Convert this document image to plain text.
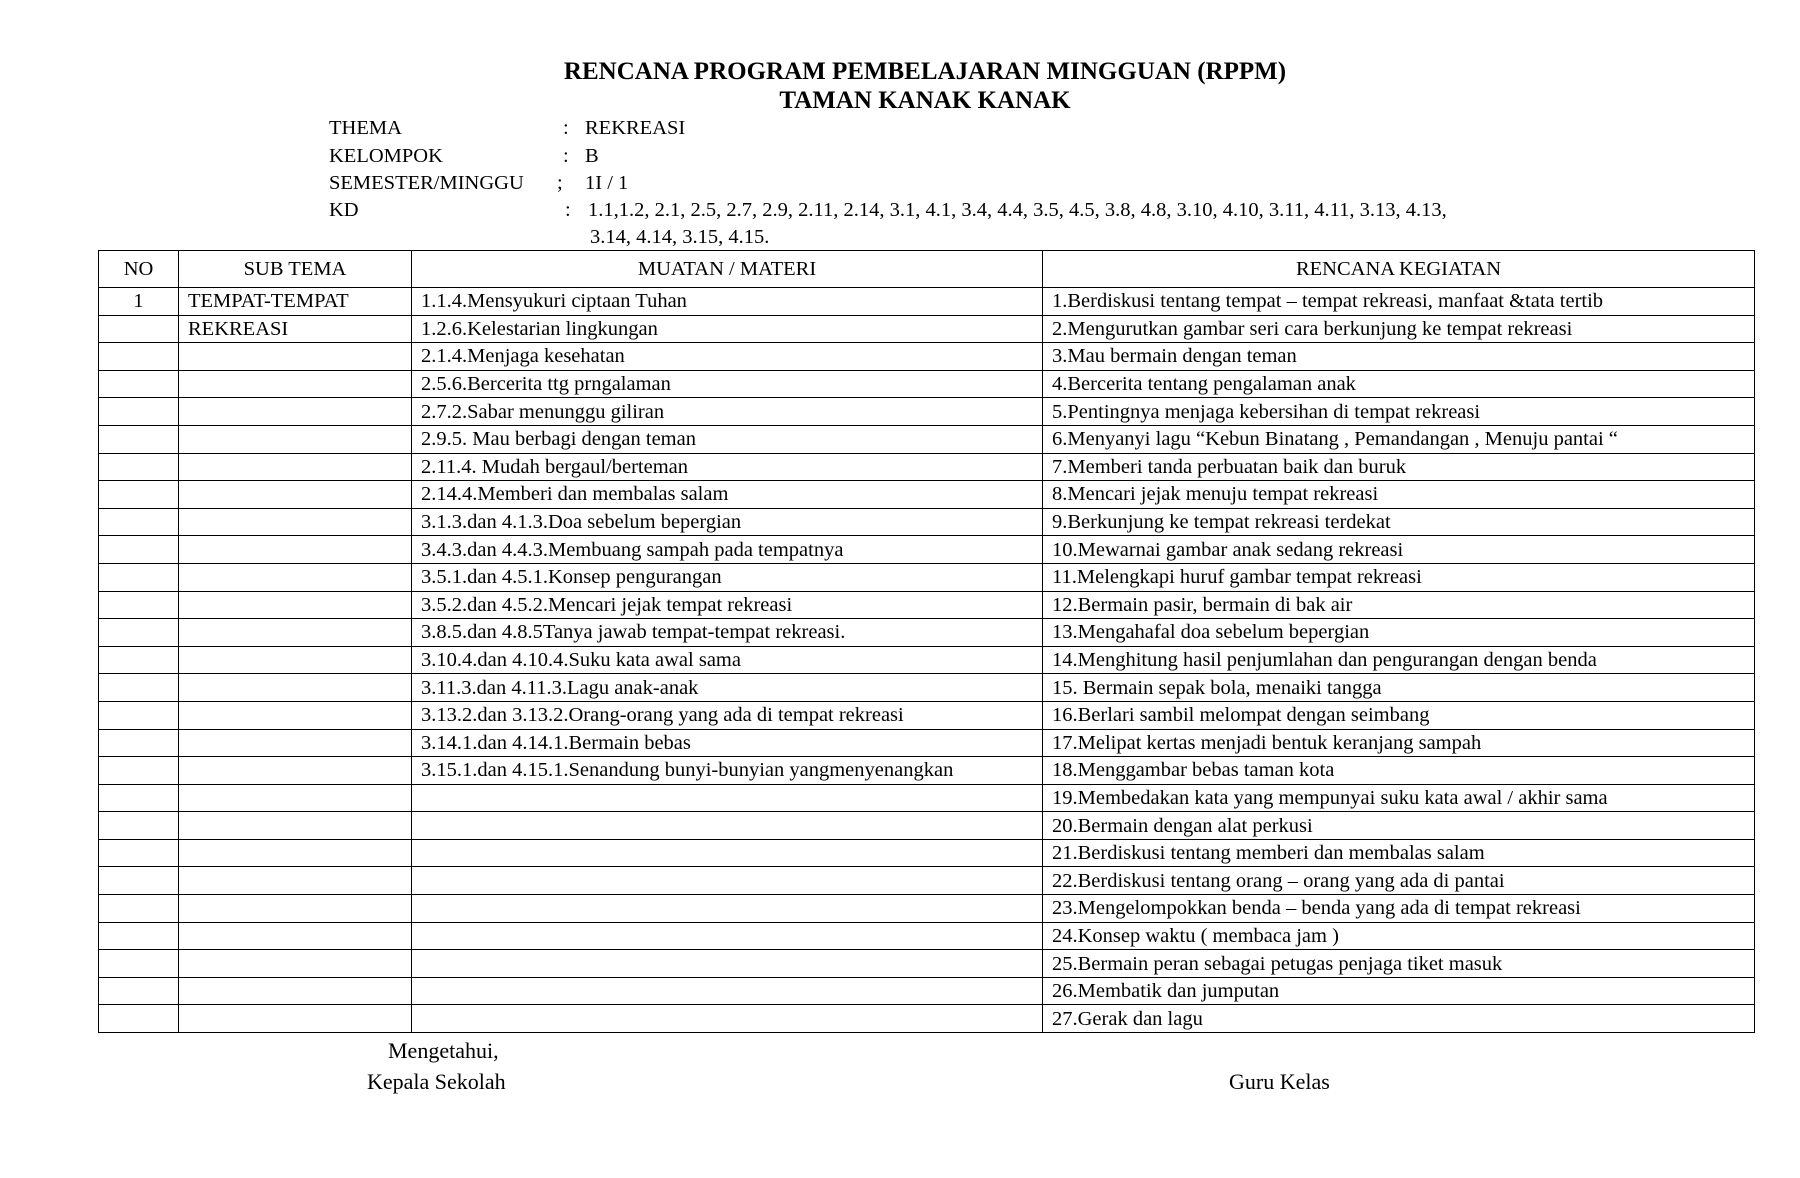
RENCANA PROGRAM PEMBELAJARAN MINGGUAN (RPPM)
TAMAN KANAK KANAK
THEMA	: REKREASI
KELOMPOK	: B
SEMESTER/MINGGU ; 1I / 1
KD	: 1.1,1.2, 2.1, 2.5, 2.7, 2.9, 2.11, 2.14, 3.1, 4.1, 3.4, 4.4, 3.5, 4.5, 3.8, 4.8, 3.10, 4.10, 3.11, 4.11, 3.13, 4.13,
3.14, 4.14, 3.15, 4.15.
NO	SUB TEMA	MUATAN / MATERI	RENCANA KEGIATAN
1	TEMPAT-TEMPAT	1.1.4.Mensyukuri ciptaan Tuhan	1.Berdiskusi tentang tempat – tempat rekreasi, manfaat &tata tertib
	REKREASI	1.2.6.Kelestarian lingkungan	2.Mengurutkan gambar seri cara berkunjung ke tempat rekreasi
		2.1.4.Menjaga kesehatan	3.Mau bermain dengan teman
		2.5.6.Bercerita ttg prngalaman	4.Bercerita tentang pengalaman anak
		2.7.2.Sabar menunggu giliran	5.Pentingnya menjaga kebersihan di tempat rekreasi
		2.9.5. Mau berbagi dengan teman	6.Menyanyi lagu “Kebun Binatang , Pemandangan , Menuju pantai “
		2.11.4. Mudah bergaul/berteman	7.Memberi tanda perbuatan baik dan buruk
		2.14.4.Memberi dan membalas salam	8.Mencari jejak menuju tempat rekreasi
		3.1.3.dan 4.1.3.Doa sebelum bepergian	9.Berkunjung ke tempat rekreasi terdekat
		3.4.3.dan 4.4.3.Membuang sampah pada tempatnya	10.Mewarnai gambar anak sedang rekreasi
		3.5.1.dan 4.5.1.Konsep pengurangan	11.Melengkapi huruf gambar tempat rekreasi
		3.5.2.dan 4.5.2.Mencari jejak tempat rekreasi	12.Bermain pasir, bermain di bak air
		3.8.5.dan 4.8.5Tanya jawab tempat-tempat rekreasi.	13.Mengahafal doa sebelum bepergian
		3.10.4.dan 4.10.4.Suku kata awal sama	14.Menghitung hasil penjumlahan dan pengurangan dengan benda
		3.11.3.dan 4.11.3.Lagu anak-anak	15. Bermain sepak bola, menaiki tangga
		3.13.2.dan 3.13.2.Orang-orang yang ada di tempat rekreasi	16.Berlari sambil melompat dengan seimbang
		3.14.1.dan 4.14.1.Bermain bebas	17.Melipat kertas menjadi bentuk keranjang sampah
		3.15.1.dan 4.15.1.Senandung bunyi-bunyian yangmenyenangkan	18.Menggambar bebas taman kota
			19.Membedakan kata yang mempunyai suku kata awal / akhir sama
			20.Bermain dengan alat perkusi
			21.Berdiskusi tentang memberi dan membalas salam
			22.Berdiskusi tentang orang – orang yang ada di pantai
			23.Mengelompokkan benda – benda yang ada di tempat rekreasi
			24.Konsep waktu ( membaca jam )
			25.Bermain peran sebagai petugas penjaga tiket masuk
			26.Membatik dan jumputan
			27.Gerak dan lagu
Mengetahui,
Kepala Sekolah	Guru Kelas
